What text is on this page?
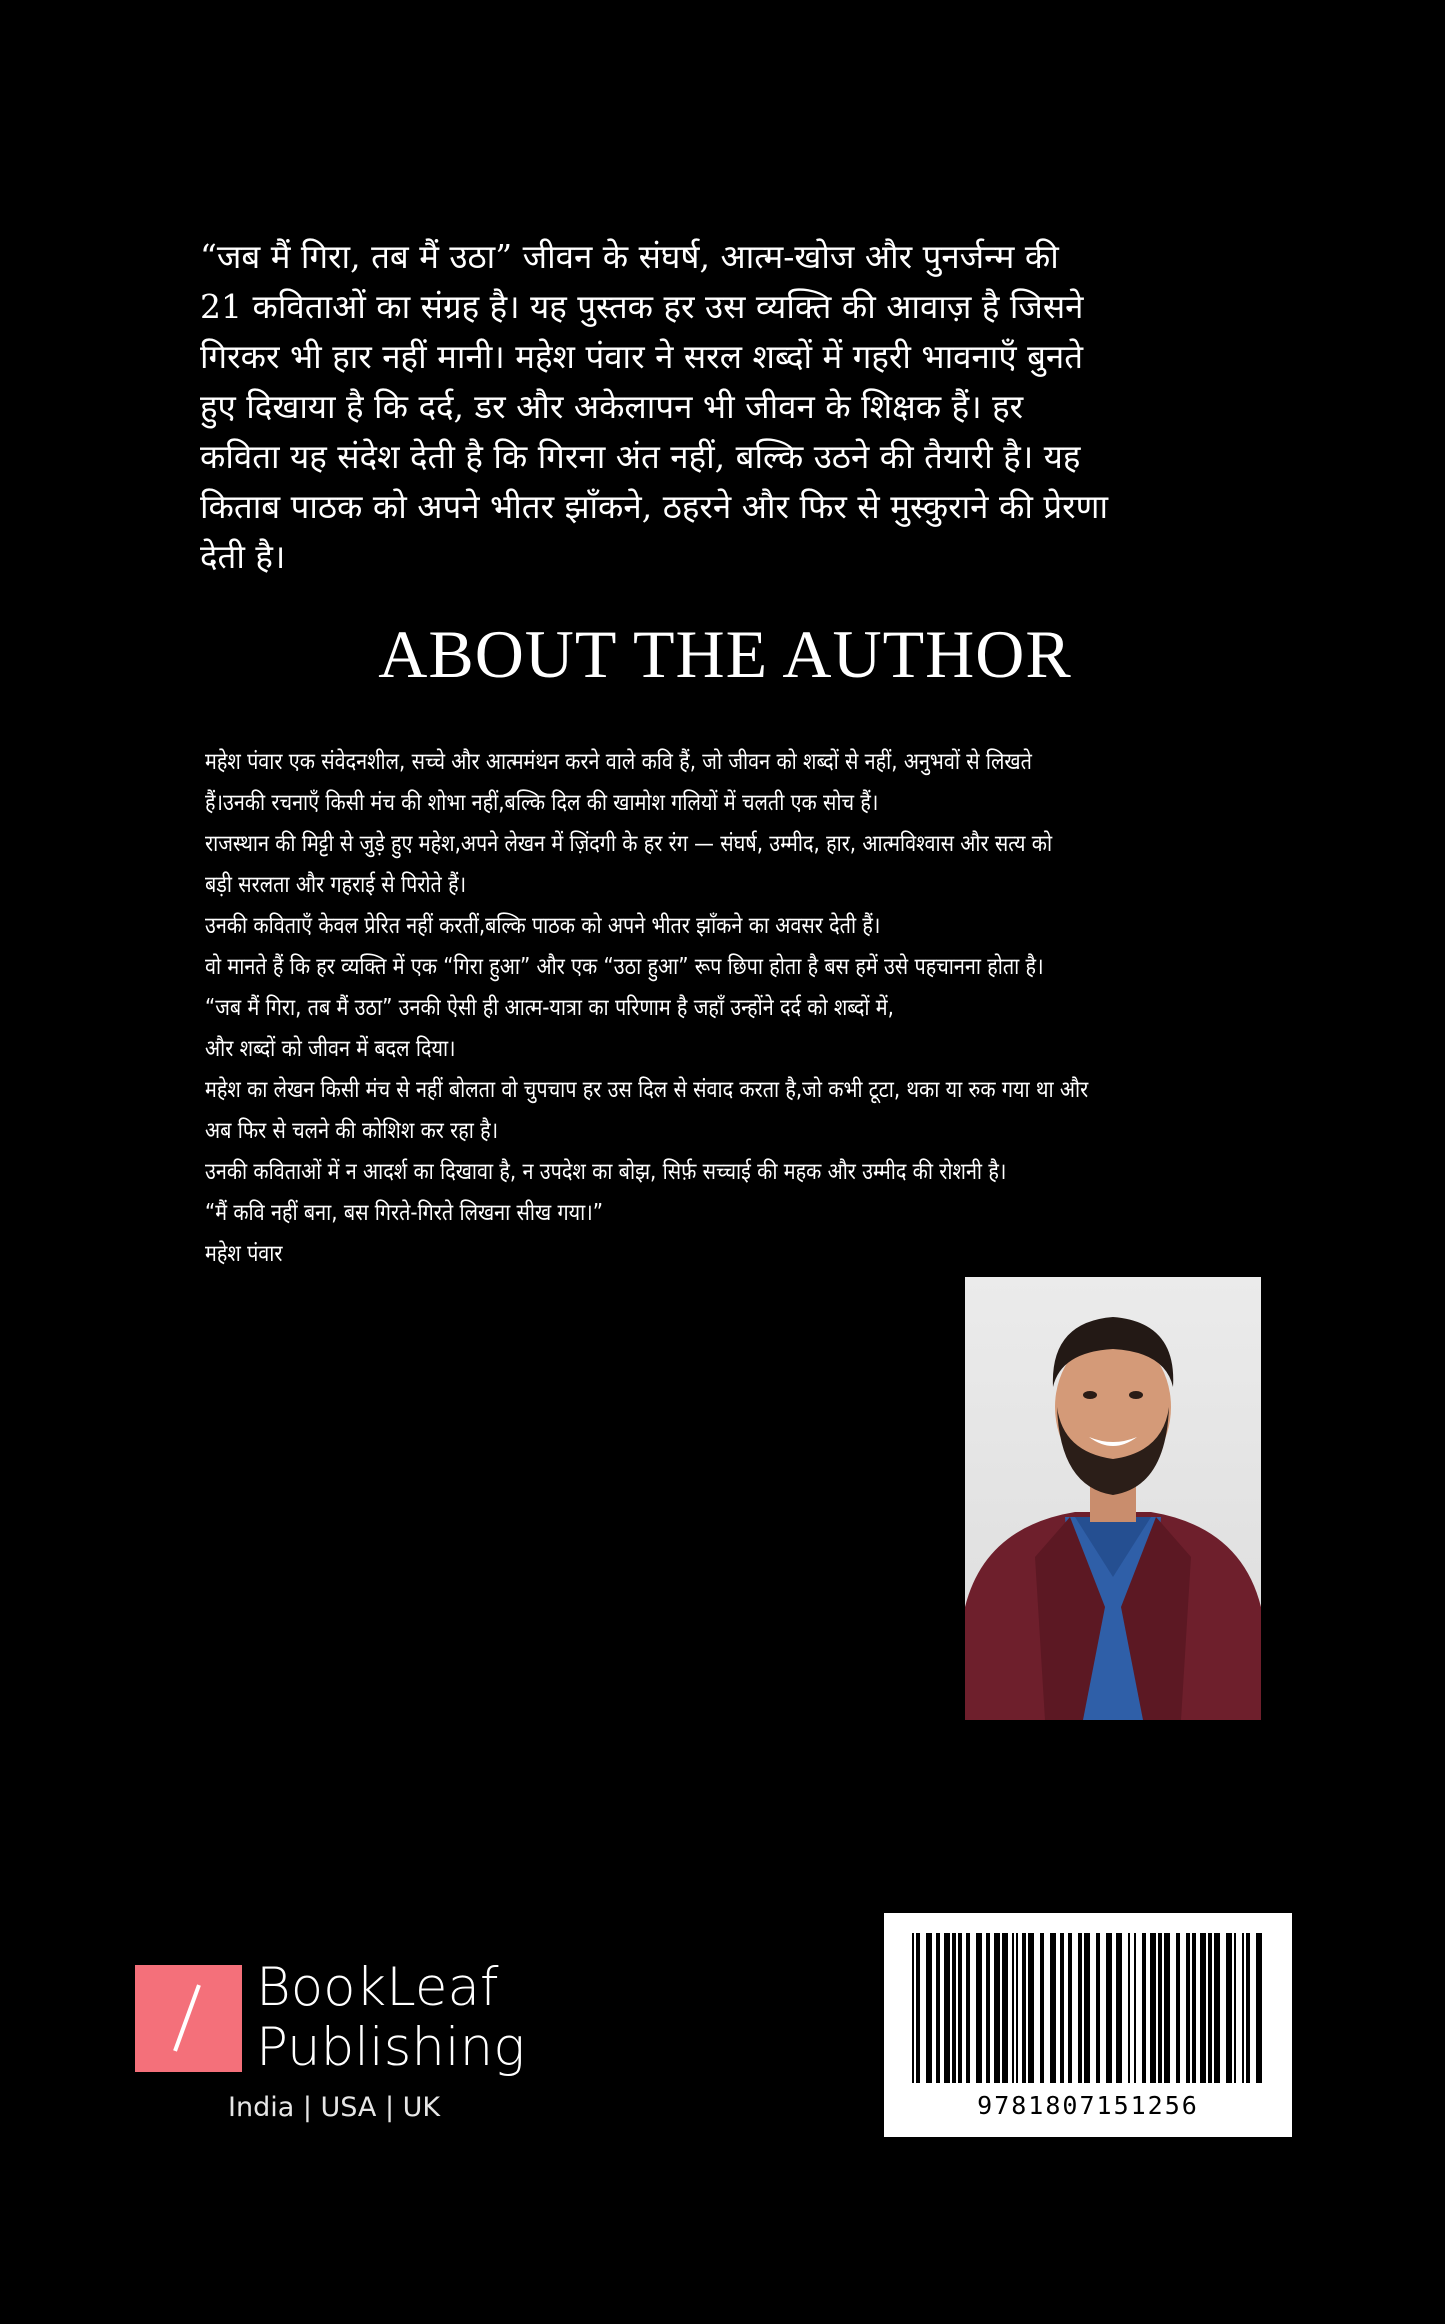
“जब मैं गिरा, तब मैं उठा” जीवन के संघर्ष, आत्म-खोज और पुनर्जन्म की 21 कविताओं का संग्रह है। यह पुस्तक हर उस व्यक्ति की आवाज़ है जिसने गिरकर भी हार नहीं मानी। महेश पंवार ने सरल शब्दों में गहरी भावनाएँ बुनते हुए दिखाया है कि दर्द, डर और अकेलापन भी जीवन के शिक्षक हैं। हर कविता यह संदेश देती है कि गिरना अंत नहीं, बल्कि उठने की तैयारी है। यह किताब पाठक को अपने भीतर झाँकने, ठहरने और फिर से मुस्कुराने की प्रेरणा देती है।

ABOUT THE AUTHOR
महेश पंवार एक संवेदनशील, सच्चे और आत्ममंथन करने वाले कवि हैं, जो जीवन को शब्दों से नहीं, अनुभवों से लिखते
हैं।उनकी रचनाएँ किसी मंच की शोभा नहीं,बल्कि दिल की खामोश गलियों में चलती एक सोच हैं।
राजस्थान की मिट्टी से जुड़े हुए महेश,अपने लेखन में ज़िंदगी के हर रंग — संघर्ष, उम्मीद, हार, आत्मविश्वास और सत्य को
बड़ी सरलता और गहराई से पिरोते हैं।
उनकी कविताएँ केवल प्रेरित नहीं करतीं,बल्कि पाठक को अपने भीतर झाँकने का अवसर देती हैं।
वो मानते हैं कि हर व्यक्ति में एक “गिरा हुआ” और एक “उठा हुआ” रूप छिपा होता है बस हमें उसे पहचानना होता है।
“जब मैं गिरा, तब मैं उठा” उनकी ऐसी ही आत्म-यात्रा का परिणाम है जहाँ उन्होंने दर्द को शब्दों में,
और शब्दों को जीवन में बदल दिया।
महेश का लेखन किसी मंच से नहीं बोलता वो चुपचाप हर उस दिल से संवाद करता है,जो कभी टूटा, थका या रुक गया था और
अब फिर से चलने की कोशिश कर रहा है।
उनकी कविताओं में न आदर्श का दिखावा है, न उपदेश का बोझ, सिर्फ़ सच्चाई की महक और उम्मीद की रोशनी है।
“मैं कवि नहीं बना, बस गिरते-गिरते लिखना सीख गया।”
महेश पंवार
BookLeaf
Publishing
India | USA | UK	9781807151256
